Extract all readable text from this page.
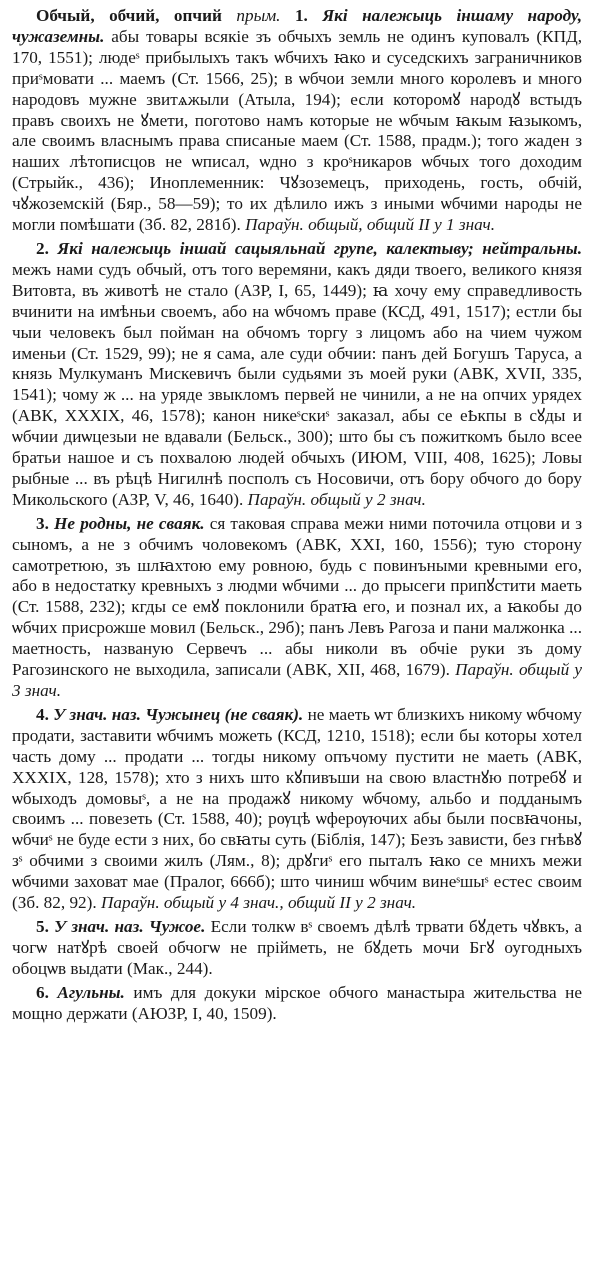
Обчый, обчий, опчий прым. 1. Які належыць іншаму народу, чужаземны. абы товары всякіе зъ обчыхъ земль не одинъ куповалъ (КПД, 170, 1551); людеˢ прибылыхъ такъ ѡбчихъ ꙗко и суседскихъ заграничников приˢмовати ... маемъ (Ст. 1566, 25); в ѡбчои земли много королевъ и много народовъ мужне звитѧжыли (Атыла, 194); если которомꙋ народꙋ встыдъ правъ своихъ не ꙋмети, поготово намъ которые не ѡбчым ꙗкым ꙗзыкомъ, але своимъ власнымъ права списаные маем (Ст. 1588, прадм.); того жаден з наших лѣтописцов не ѡписал, ѡдно з кроˢникаров ѡбчых того доходим (Стрыйк., 436); Иноплеменник: Чꙋзоземецъ, приходень, гость, обчій, чꙋжоземскій (Бяр., 58—59); то их дѣлило ижъ з иными ѡбчими народы не могли помѣшати (Зб. 82, 281б). Параўн. общый, общий II у 1 знач.

2. Які належыць іншай сацыяльнай групе, калектыву; нейтральны. межъ нами судъ обчый, отъ того веремяни, какъ дяди твоего, великого князя Витовта, въ животѣ не стало (АЗР, I, 65, 1449); ꙗ хочу ему справедливость вчинити на имѣньи своемъ, або на ѡбчомъ праве (КСД, 491, 1517); естли бы чыи человекъ был пойман на обчомъ торгу з лицомъ або на чием чужом именьи (Ст. 1529, 99); не я сама, але суди обчии: панъ дей Богушъ Таруса, а князь Мулкуманъ Мискевичъ были судьями зъ моей руки (АВК, XVII, 335, 1541); чому ж ... на уряде звыкломъ первей не чинили, а не на опчих урядех (АВК, XXXIX, 46, 1578); канон никеˢскиˢ заказал, абы се еҌкпы в сꙋды и ѡбчии диѡцезыи не вдавали (Бельск., 300); што бы съ пожиткомъ было всее братьи нашое и съ похвалою людей обчыхъ (ИЮМ, VIII, 408, 1625); Ловы рыбные ... въ рѣцѣ Нигилнѣ посполъ съ Носовичи, отъ бору обчого до бору Микольского (АЗР, V, 46, 1640). Параўн. общый у 2 знач.

3. Не родны, не сваяк. ся таковая справа межи ними поточила отцови и з сыномъ, а не з обчимъ чоловекомъ (АВК, XXI, 160, 1556); тую сторону самотретюю, зъ шлꙗхтою ему ровною, будь с повинъными кревными его, або в недостатку кревныхъ з людми ѡбчими ... до прысеги припꙋстити маеть (Ст. 1588, 232); кгды се емꙋ поклонили братꙗ его, и познал их, а ꙗкобы до ѡбчих присрожше мовил (Бельск., 29б); панъ Левъ Рагоза и пани малжонка ... маетность, названую Сервечъ ... абы николи въ обчіе руки зъ дому Рагозинского не выходила, записали (АВК, XII, 468, 1679). Параўн. общый у 3 знач.

4. У знач. наз. Чужынец (не сваяк). не маеть ѡт близкихъ никому ѡбчому продати, заставити ѡбчимъ можеть (КСД, 1210, 1518); если бы которы хотел часть дому ... продати ... тогды никому опъчому пустити не маеть (АВК, XXXIX, 128, 1578); хто з нихъ што кꙋпивъши на свою властнꙋю потребꙋ и ѡбыходъ домовыˢ, а не на продажꙋ никому ѡбчому, альбо и подданымъ своимъ ... повезеть (Ст. 1588, 40); рѹцѣ ѡферѹючих абы были посвꙗчоны, ѡбчиˢ не буде ести з них, бо свꙗты суть (Біблія, 147); Безъ зависти, без гнѣвꙋ зˢ обчими з своими жилъ (Лям., 8); дрꙋгиˢ его пыталъ ꙗко се мнихъ межи ѡбчими заховат мае (Пралог, 666б); што чиниш ѡбчим винеˢшыˢ естес своим (Зб. 82, 92). Параўн. общый у 4 знач., общий II у 2 знач.

5. У знач. наз. Чужое. Если толкѡ вˢ своемъ дѣлѣ трвати бꙋдеть чꙋвкъ, а чогѡ натꙋрѣ своей обчогѡ не прійметь, не бꙋдеть мочи Бгꙋ оугодныхъ обоцѡв выдати (Мак., 244).

6. Агульны. имъ для докуки мірское обчого манастыра жительства не мощно держати (АЮЗР, I, 40, 1509).
